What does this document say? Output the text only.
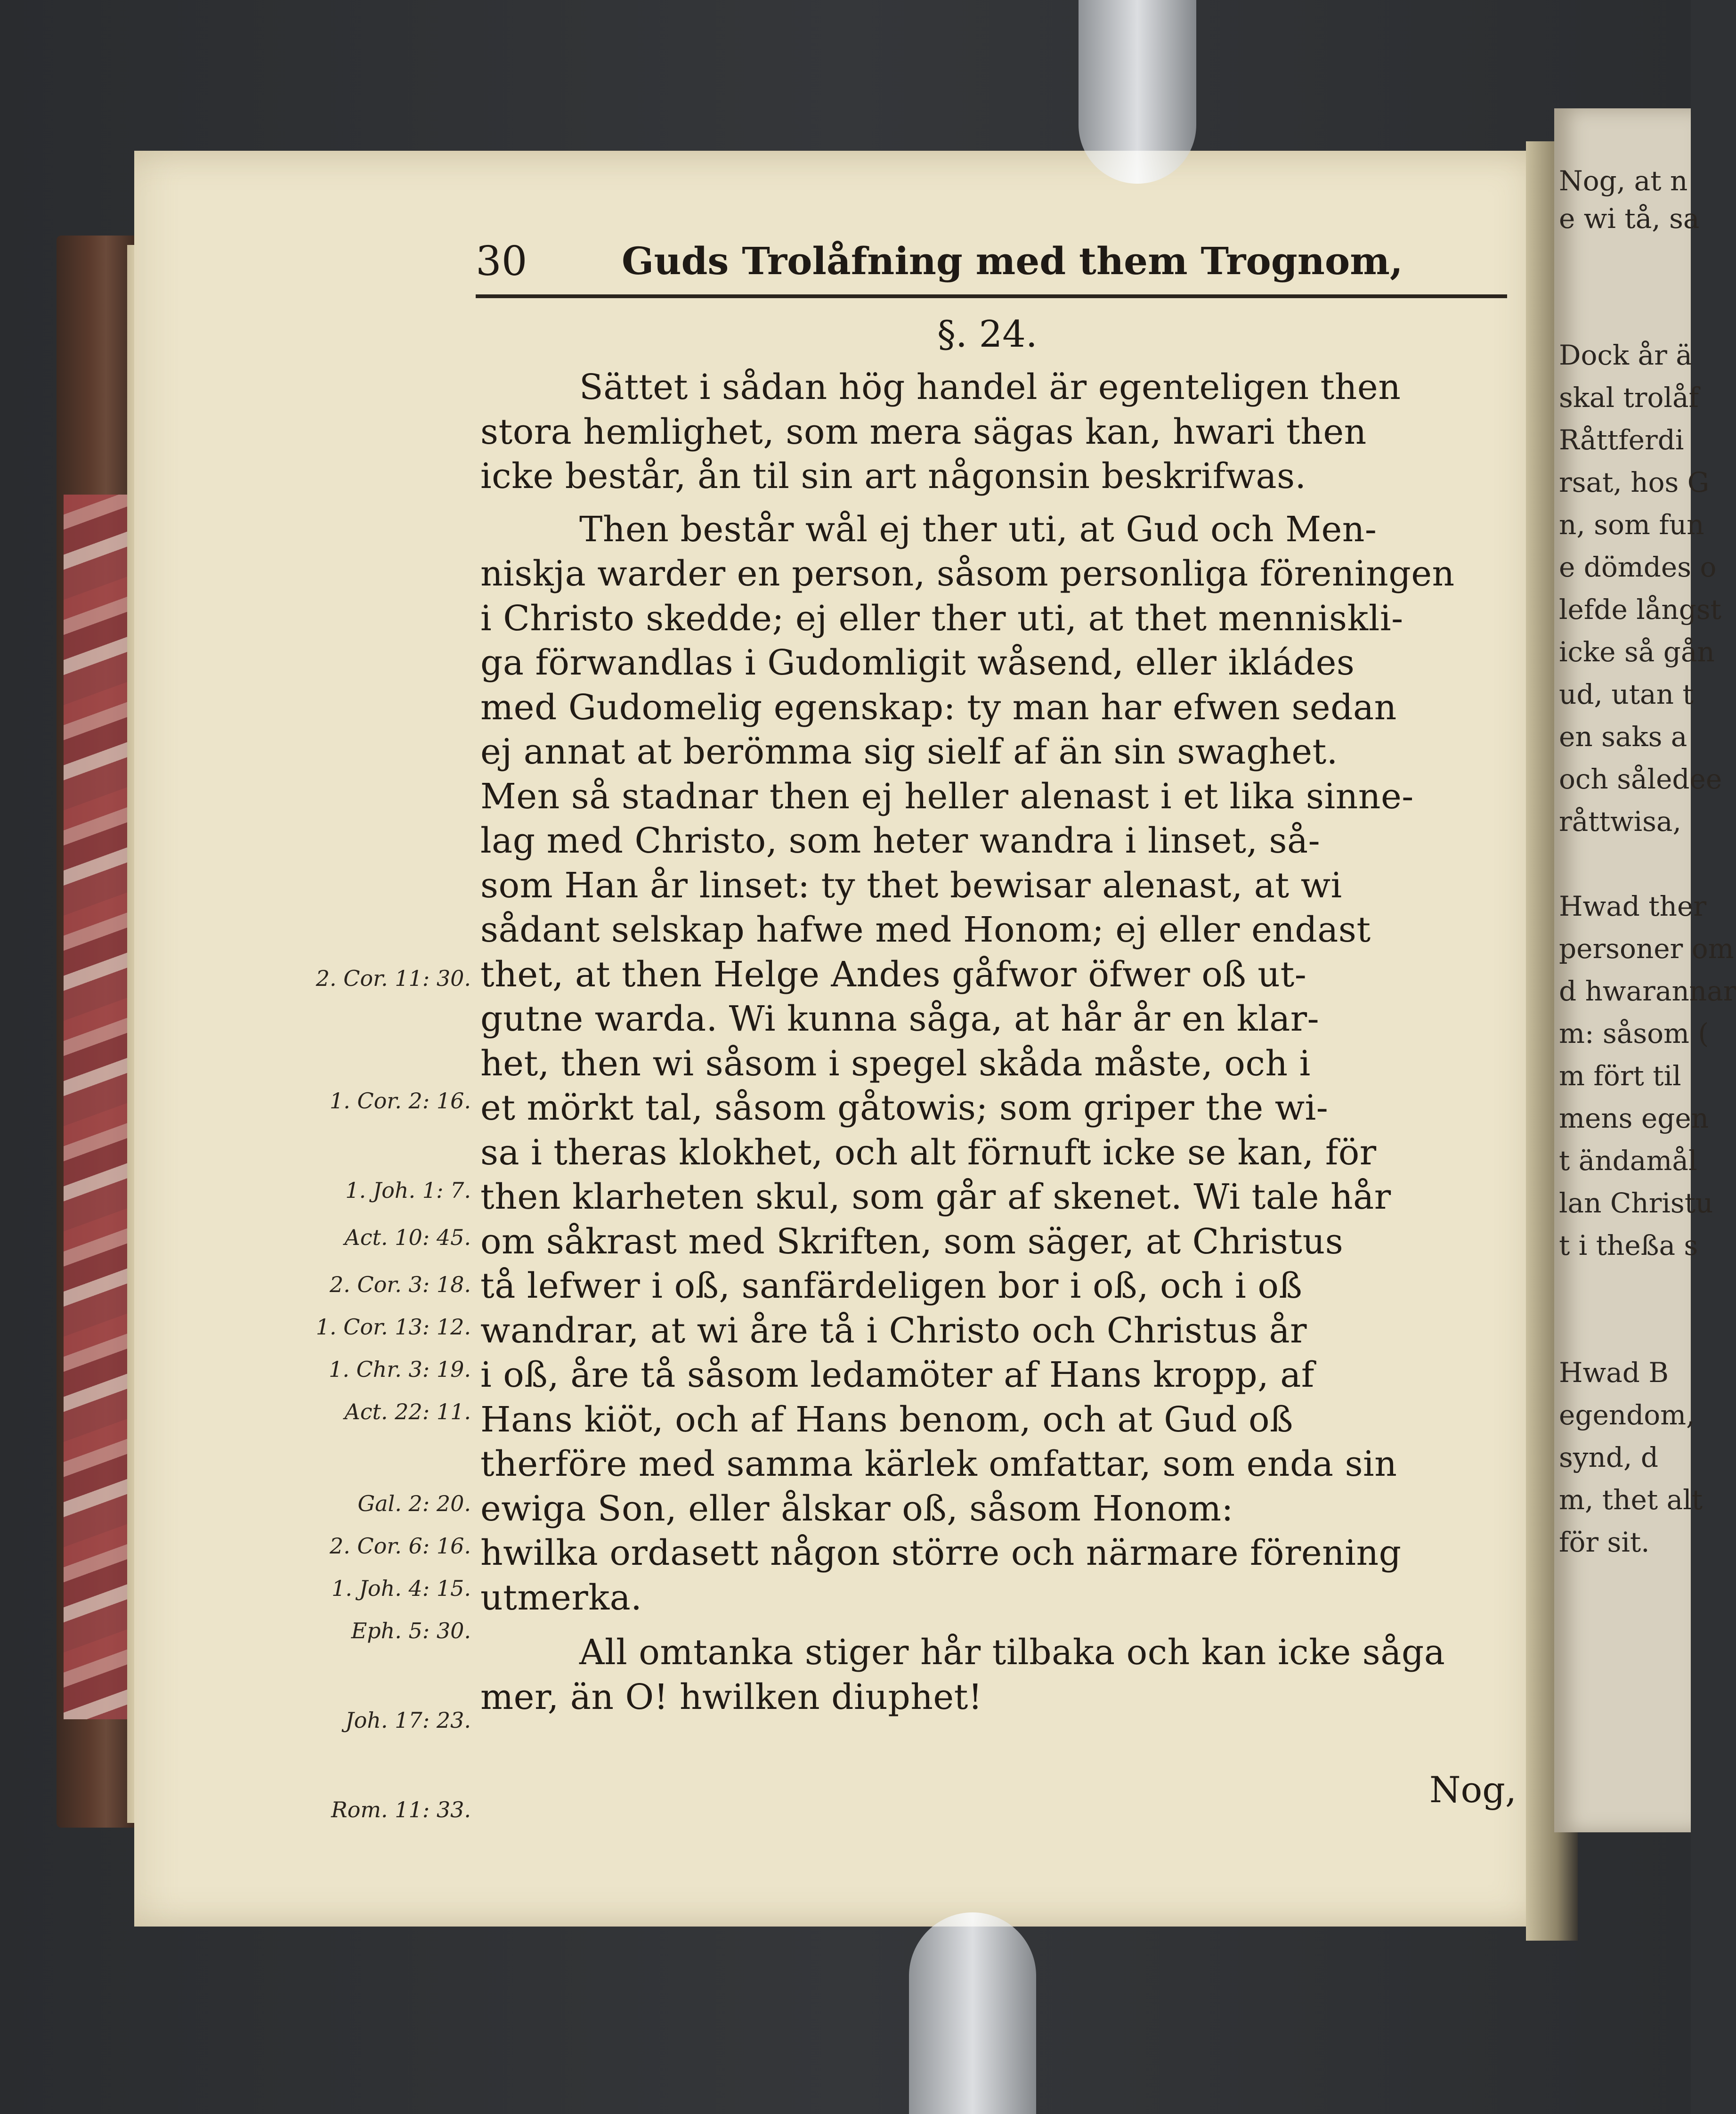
Nog, at n
e wi tå, sa
Dock år ä
skal trolåf
Råttferdi
rsat, hos G
n, som fun
e dömdes o
lefde långst
icke så gån
ud, utan t
en saks a
och såledee
råttwisa,
Hwad ther
personer om
d hwarannar
m: såsom (
m fört til
mens egen
t ändamål
lan Christu
t i theßa s
Hwad B
egendom,
synd, d
m, thet alt
för sit.
30	Guds Trolåfning med them Trognom,
§. 24.
Sättet i sådan hög handel är egenteligen then
stora hemlighet, som mera sägas kan, hwari then
icke består, ån til sin art någonsin beskrifwas.
Then består wål ej ther uti, at Gud och Men-
niskja warder en person, såsom personliga föreningen
i Christo skedde; ej eller ther uti, at thet menniskli-
ga förwandlas i Gudomligit wåsend, eller ikládes
med Gudomelig egenskap: ty man har efwen sedan
ej annat at berömma sig sielf af än sin swaghet.
Men så stadnar then ej heller alenast i et lika sinne-
lag med Christo, som heter wandra i linset, så-
som Han år linset: ty thet bewisar alenast, at wi
sådant selskap hafwe med Honom; ej eller endast
thet, at then Helge Andes gåfwor öfwer oß ut-
gutne warda. Wi kunna såga, at hår år en klar-
het, then wi såsom i spegel skåda måste, och i
et mörkt tal, såsom gåtowis; som griper the wi-
sa i theras klokhet, och alt förnuft icke se kan, för
then klarheten skul, som går af skenet. Wi tale hår
om såkrast med Skriften, som säger, at Christus
tå lefwer i oß, sanfärdeligen bor i oß, och i oß
wandrar, at wi åre tå i Christo och Christus år
i oß, åre tå såsom ledamöter af Hans kropp, af
Hans kiöt, och af Hans benom, och at Gud oß
therföre med samma kärlek omfattar, som enda sin
ewiga Son, eller ålskar oß, såsom Honom:
hwilka ordasett någon större och närmare förening
utmerka.
All omtanka stiger hår tilbaka och kan icke såga
mer, än O! hwilken diuphet!
2. Cor. 11: 30.
1. Cor. 2: 16.
1. Joh. 1: 7.
Act. 10: 45.
2. Cor. 3: 18.
1. Cor. 13: 12.
1. Chr. 3: 19.
Act. 22: 11.
Gal. 2: 20.
2. Cor. 6: 16.
1. Joh. 4: 15.
Eph. 5: 30.
Joh. 17: 23.
Rom. 11: 33.	Nog,
